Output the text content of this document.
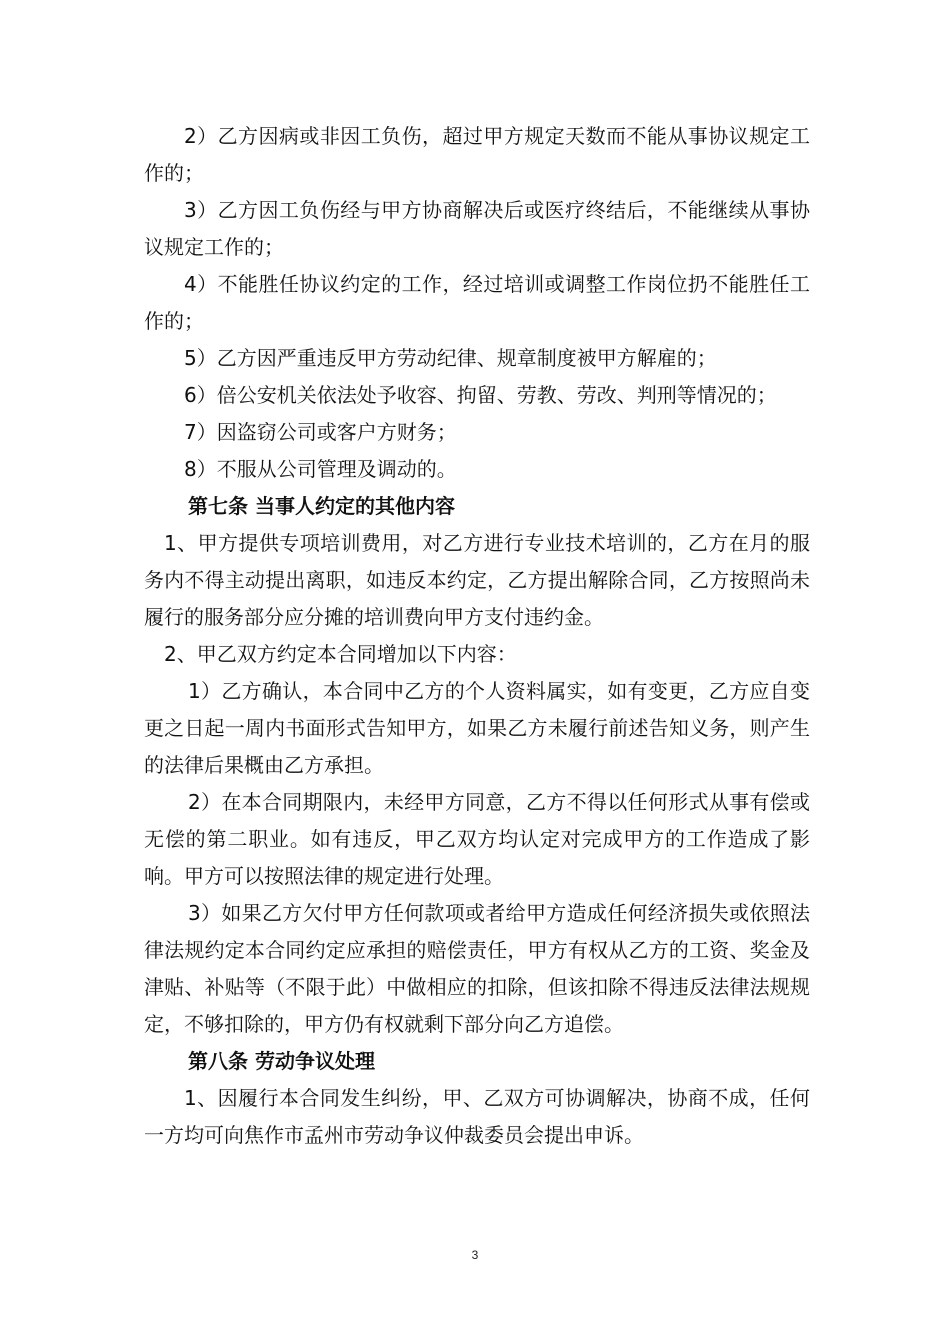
2）乙方因病或非因工负伤，超过甲方规定天数而不能从事协议规定工作的；

3）乙方因工负伤经与甲方协商解决后或医疗终结后，不能继续从事协议规定工作的；

4）不能胜任协议约定的工作，经过培训或调整工作岗位扔不能胜任工作的；

5）乙方因严重违反甲方劳动纪律、规章制度被甲方解雇的；

6）倍公安机关依法处予收容、拘留、劳教、劳改、判刑等情况的；

7）因盗窃公司或客户方财务；

8）不服从公司管理及调动的。

第七条 当事人约定的其他内容

1、甲方提供专项培训费用，对乙方进行专业技术培训的，乙方在月的服务内不得主动提出离职，如违反本约定，乙方提出解除合同，乙方按照尚未履行的服务部分应分摊的培训费向甲方支付违约金。

2、甲乙双方约定本合同增加以下内容：

1）乙方确认，本合同中乙方的个人资料属实，如有变更，乙方应自变更之日起一周内书面形式告知甲方，如果乙方未履行前述告知义务，则产生的法律后果概由乙方承担。

2）在本合同期限内，未经甲方同意，乙方不得以任何形式从事有偿或无偿的第二职业。如有违反，甲乙双方均认定对完成甲方的工作造成了影响。甲方可以按照法律的规定进行处理。

3）如果乙方欠付甲方任何款项或者给甲方造成任何经济损失或依照法律法规约定本合同约定应承担的赔偿责任，甲方有权从乙方的工资、奖金及津贴、补贴等（不限于此）中做相应的扣除，但该扣除不得违反法律法规规定，不够扣除的，甲方仍有权就剩下部分向乙方追偿。

第八条 劳动争议处理

1、因履行本合同发生纠纷，甲、乙双方可协调解决，协商不成，任何一方均可向焦作市孟州市劳动争议仲裁委员会提出申诉。

3
